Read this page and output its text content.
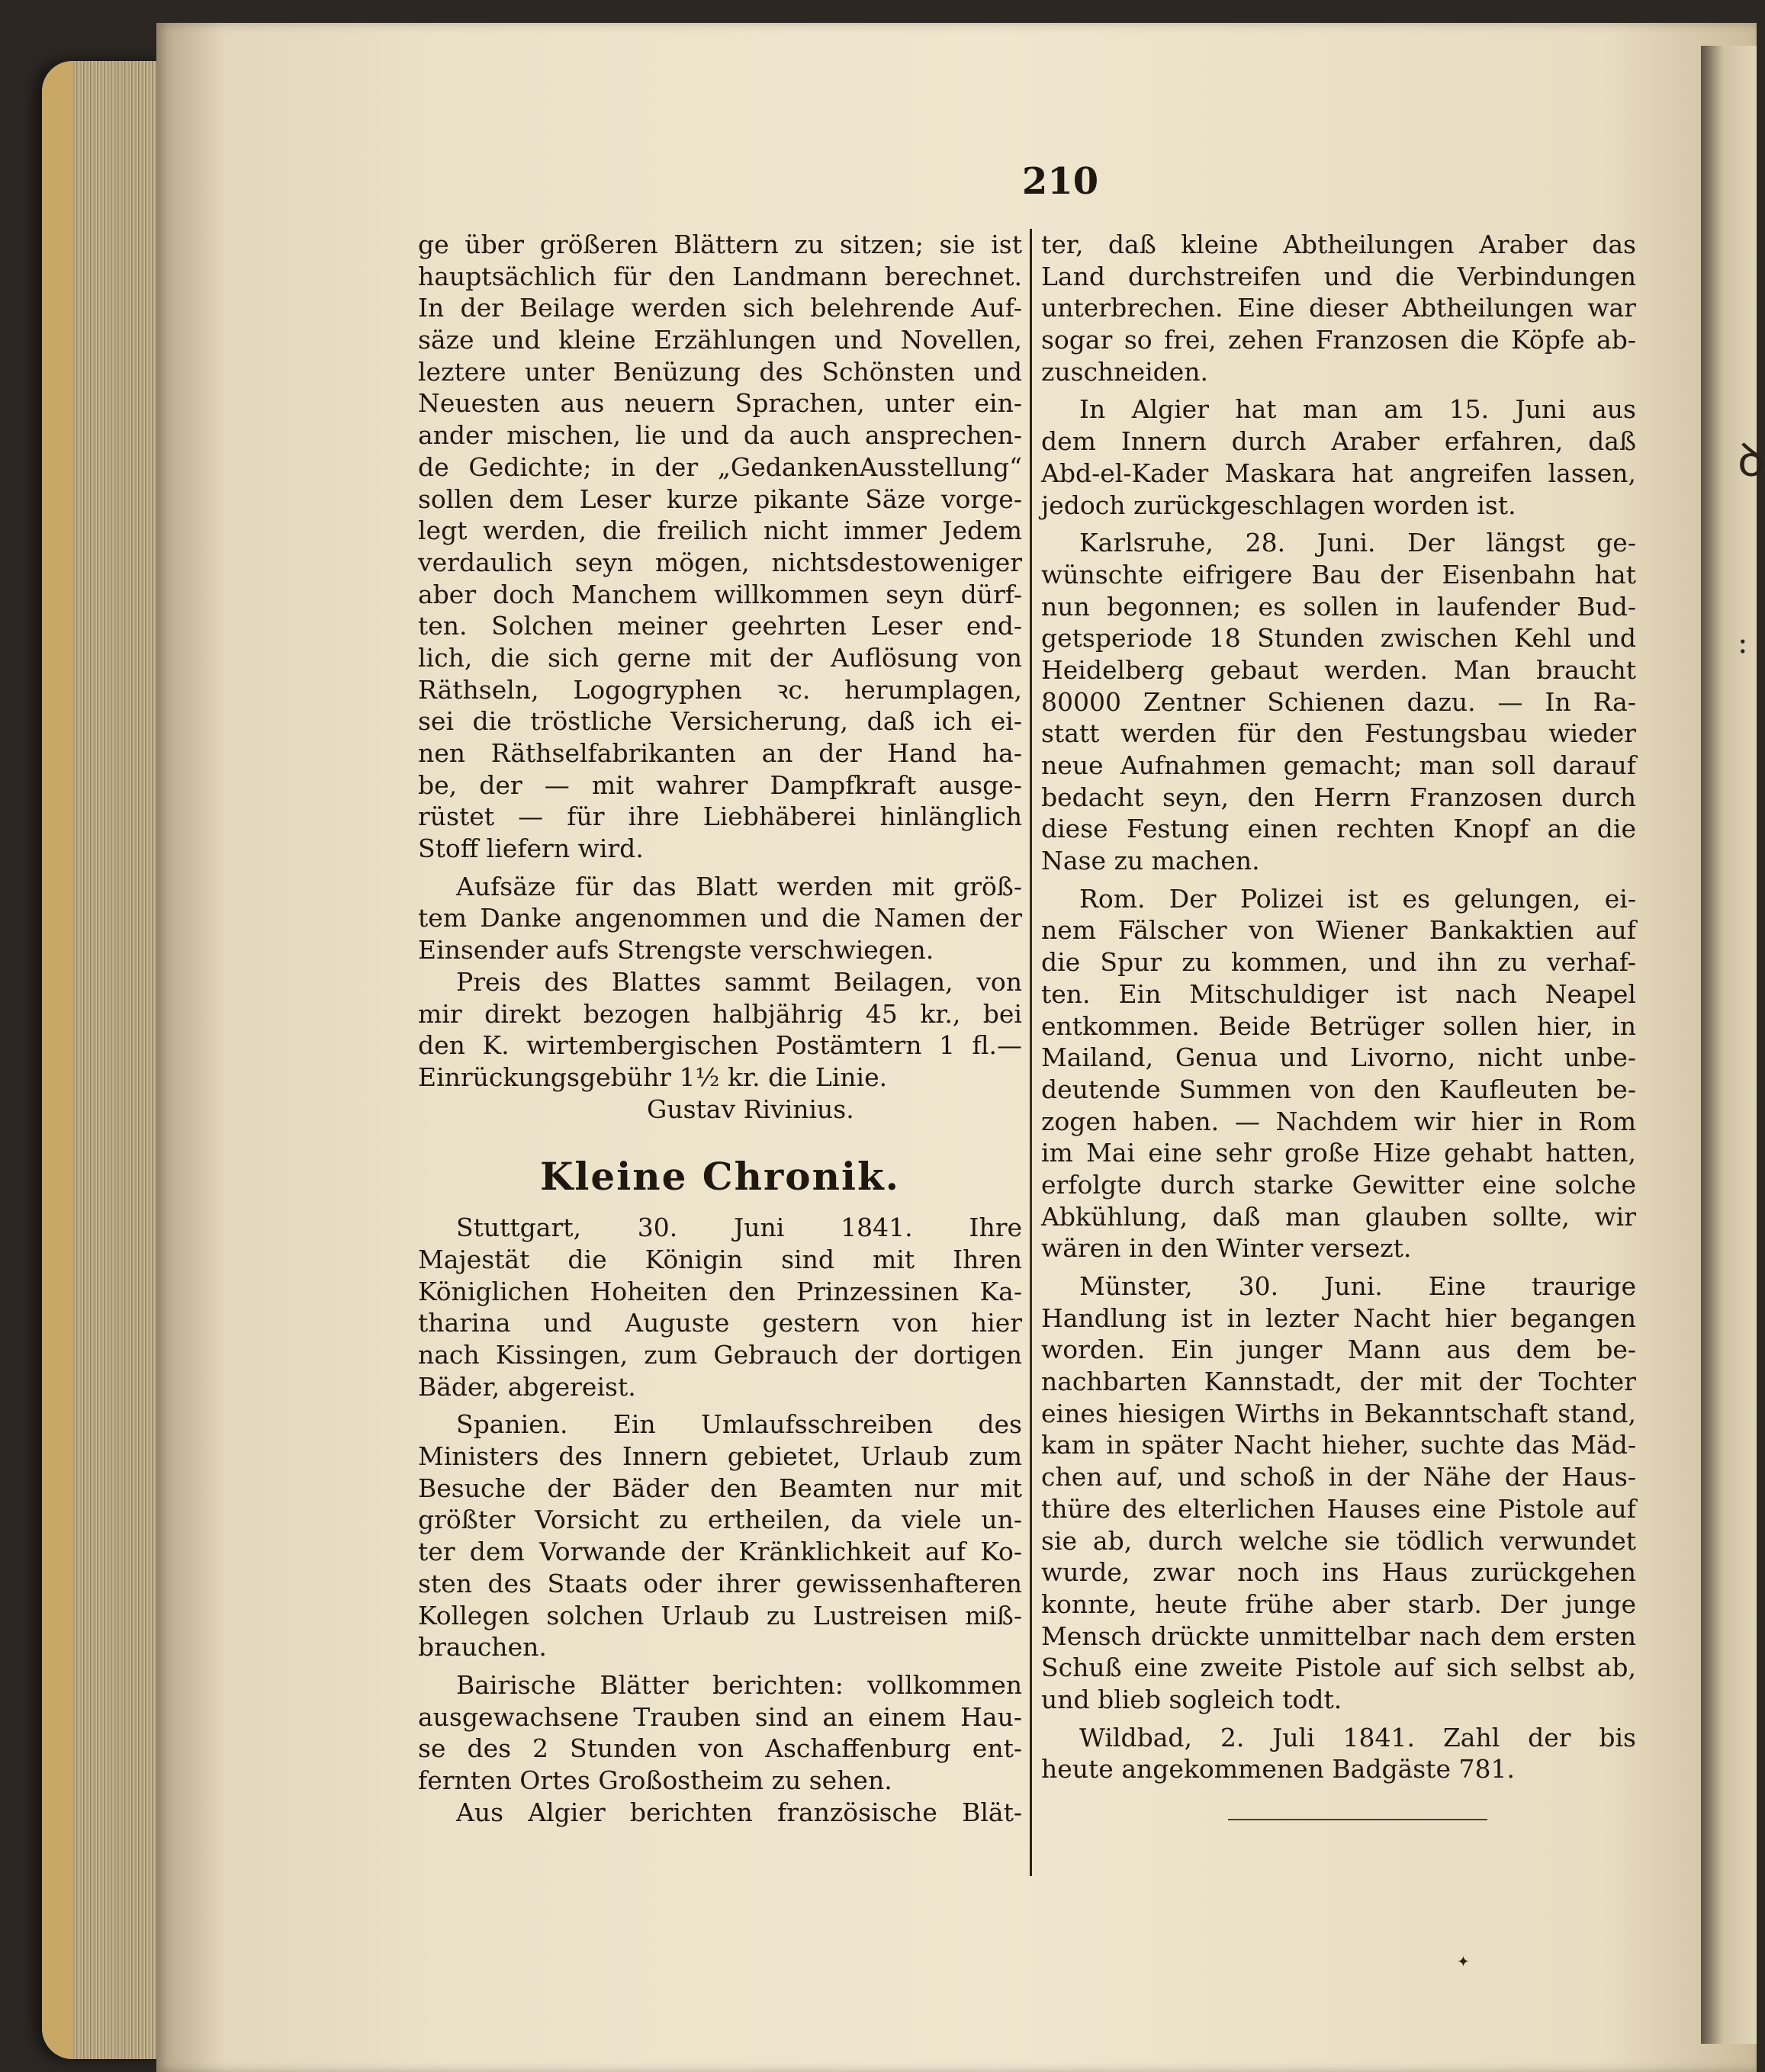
ꝺ
:
210
ge über größeren Blättern zu sitzen; sie ist
hauptsächlich für den Landmann berechnet.
In der Beilage werden sich belehrende Auf-
säze und kleine Erzählungen und Novellen,
leztere unter Benüzung des Schönsten und
Neuesten aus neuern Sprachen, unter ein-
ander mischen, lie und da auch ansprechen-
de Gedichte; in der „GedankenAusstellung“
sollen dem Leser kurze pikante Säze vorge-
legt werden, die freilich nicht immer Jedem
verdaulich seyn mögen, nichtsdestoweniger
aber doch Manchem willkommen seyn dürf-
ten. Solchen meiner geehrten Leser end-
lich, die sich gerne mit der Auflösung von
Räthseln, Logogryphen ꝛc. herumplagen,
sei die tröstliche Versicherung, daß ich ei-
nen Räthselfabrikanten an der Hand ha-
be, der — mit wahrer Dampfkraft ausge-
rüstet — für ihre Liebhäberei hinlänglich
Stoff liefern wird.
Aufsäze für das Blatt werden mit größ-
tem Danke angenommen und die Namen der
Einsender aufs Strengste verschwiegen.
Preis des Blattes sammt Beilagen, von
mir direkt bezogen halbjährig 45 kr., bei
den K. wirtembergischen Postämtern 1 fl.—
Einrückungsgebühr 1½ kr. die Linie.
Gustav Rivinius.
Kleine Chronik.
Stuttgart, 30. Juni 1841. Ihre
Majestät die Königin sind mit Ihren
Königlichen Hoheiten den Prinzessinen Ka-
tharina und Auguste gestern von hier
nach Kissingen, zum Gebrauch der dortigen
Bäder, abgereist.
Spanien. Ein Umlaufsschreiben des
Ministers des Innern gebietet, Urlaub zum
Besuche der Bäder den Beamten nur mit
größter Vorsicht zu ertheilen, da viele un-
ter dem Vorwande der Kränklichkeit auf Ko-
sten des Staats oder ihrer gewissenhafteren
Kollegen solchen Urlaub zu Lustreisen miß-
brauchen.
Bairische Blätter berichten: vollkommen
ausgewachsene Trauben sind an einem Hau-
se des 2 Stunden von Aschaffenburg ent-
fernten Ortes Großostheim zu sehen.
Aus Algier berichten französische Blät-
ter, daß kleine Abtheilungen Araber das
Land durchstreifen und die Verbindungen
unterbrechen. Eine dieser Abtheilungen war
sogar so frei, zehen Franzosen die Köpfe ab-
zuschneiden.
In Algier hat man am 15. Juni aus
dem Innern durch Araber erfahren, daß
Abd-el-Kader Maskara hat angreifen lassen,
jedoch zurückgeschlagen worden ist.
Karlsruhe, 28. Juni. Der längst ge-
wünschte eifrigere Bau der Eisenbahn hat
nun begonnen; es sollen in laufender Bud-
getsperiode 18 Stunden zwischen Kehl und
Heidelberg gebaut werden. Man braucht
80000 Zentner Schienen dazu. — In Ra-
statt werden für den Festungsbau wieder
neue Aufnahmen gemacht; man soll darauf
bedacht seyn, den Herrn Franzosen durch
diese Festung einen rechten Knopf an die
Nase zu machen.
Rom. Der Polizei ist es gelungen, ei-
nem Fälscher von Wiener Bankaktien auf
die Spur zu kommen, und ihn zu verhaf-
ten. Ein Mitschuldiger ist nach Neapel
entkommen. Beide Betrüger sollen hier, in
Mailand, Genua und Livorno, nicht unbe-
deutende Summen von den Kaufleuten be-
zogen haben. — Nachdem wir hier in Rom
im Mai eine sehr große Hize gehabt hatten,
erfolgte durch starke Gewitter eine solche
Abkühlung, daß man glauben sollte, wir
wären in den Winter versezt.
Münster, 30. Juni. Eine traurige
Handlung ist in lezter Nacht hier begangen
worden. Ein junger Mann aus dem be-
nachbarten Kannstadt, der mit der Tochter
eines hiesigen Wirths in Bekanntschaft stand,
kam in später Nacht hieher, suchte das Mäd-
chen auf, und schoß in der Nähe der Haus-
thüre des elterlichen Hauses eine Pistole auf
sie ab, durch welche sie tödlich verwundet
wurde, zwar noch ins Haus zurückgehen
konnte, heute frühe aber starb. Der junge
Mensch drückte unmittelbar nach dem ersten
Schuß eine zweite Pistole auf sich selbst ab,
und blieb sogleich todt.
Wildbad, 2. Juli 1841. Zahl der bis
heute angekommenen Badgäste 781.
✦
